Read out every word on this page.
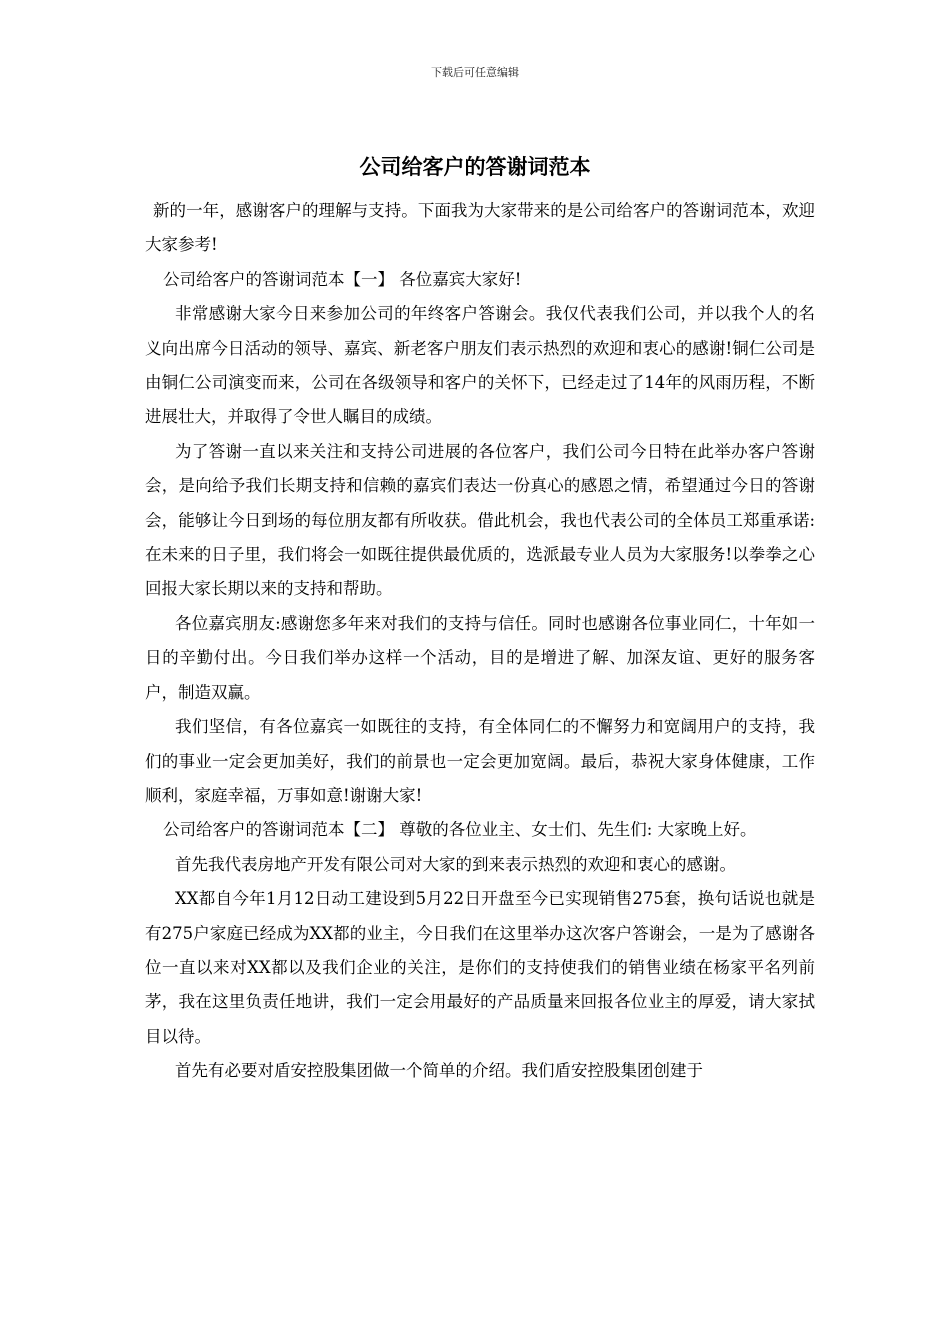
下载后可任意编辑
公司给客户的答谢词范本

新的一年，感谢客户的理解与支持。下面我为大家带来的是公司给客户的答谢词范本，欢迎大家参考!

公司给客户的答谢词范本【一】 各位嘉宾大家好!

非常感谢大家今日来参加公司的年终客户答谢会。我仅代表我们公司，并以我个人的名义向出席今日活动的领导、嘉宾、新老客户朋友们表示热烈的欢迎和衷心的感谢!铜仁公司是由铜仁公司演变而来，公司在各级领导和客户的关怀下，已经走过了14年的风雨历程，不断进展壮大，并取得了令世人瞩目的成绩。

为了答谢一直以来关注和支持公司进展的各位客户，我们公司今日特在此举办客户答谢会，是向给予我们长期支持和信赖的嘉宾们表达一份真心的感恩之情，希望通过今日的答谢会，能够让今日到场的每位朋友都有所收获。借此机会，我也代表公司的全体员工郑重承诺:在未来的日子里，我们将会一如既往提供最优质的，选派最专业人员为大家服务!以拳拳之心回报大家长期以来的支持和帮助。

各位嘉宾朋友:感谢您多年来对我们的支持与信任。同时也感谢各位事业同仁，十年如一日的辛勤付出。今日我们举办这样一个活动，目的是增进了解、加深友谊、更好的服务客户，制造双赢。

我们坚信，有各位嘉宾一如既往的支持，有全体同仁的不懈努力和宽阔用户的支持，我们的事业一定会更加美好，我们的前景也一定会更加宽阔。最后，恭祝大家身体健康，工作顺利，家庭幸福，万事如意!谢谢大家!

公司给客户的答谢词范本【二】 尊敬的各位业主、女士们、先生们: 大家晚上好。

首先我代表房地产开发有限公司对大家的到来表示热烈的欢迎和衷心的感谢。

XX都自今年1月12日动工建设到5月22日开盘至今已实现销售275套，换句话说也就是有275户家庭已经成为XX都的业主，今日我们在这里举办这次客户答谢会，一是为了感谢各位一直以来对XX都以及我们企业的关注，是你们的支持使我们的销售业绩在杨家平名列前茅，我在这里负责任地讲，我们一定会用最好的产品质量来回报各位业主的厚爱，请大家拭目以待。

首先有必要对盾安控股集团做一个简单的介绍。我们盾安控股集团创建于
